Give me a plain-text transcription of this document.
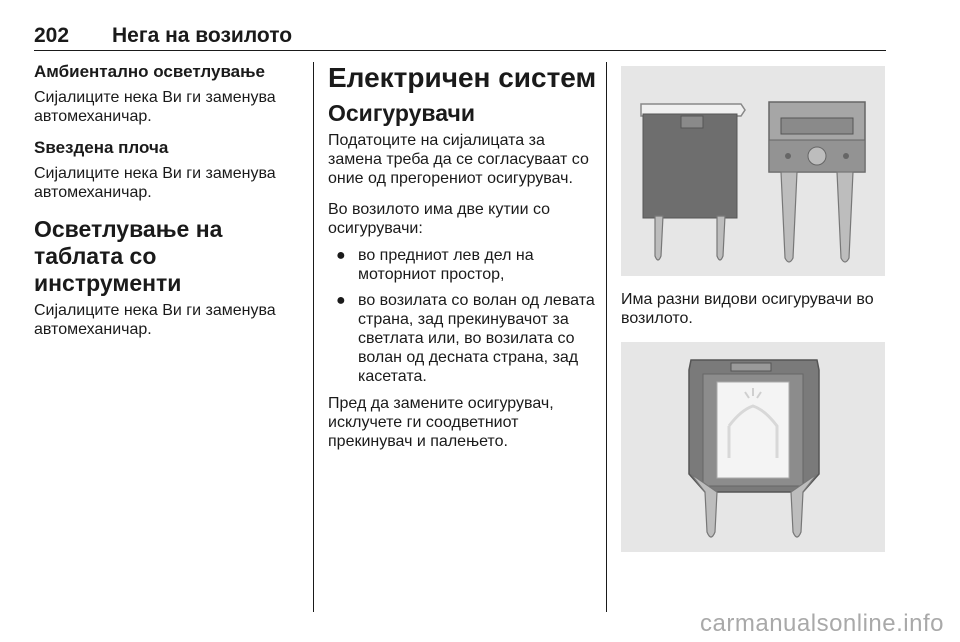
202 Нега на возилото
Амбиентално осветлување
Сијалиците нека Ви ги заменува автомеханичар.
Ѕвездена плоча
Сијалиците нека Ви ги заменува автомеханичар.
Осветлување на таблата со инструменти
Сијалиците нека Ви ги заменува автомеханичар.
Електричен систем
Осигурувачи
Податоците на сијалицата за замена треба да се согласуваат со оние од прегорениот осигурувач.
Во возилото има две кутии со осигурувачи:
● во предниот лев дел на моторниот простор,
● во возилата со волан од левата страна, зад прекинувачот за светлата или, во возилата со волан од десната страна, зад касетата.
Пред да замените осигурувач, исклучете ги соодветниот прекинувач и палењето.
Има разни видови осигурувачи во возилото.
carmanualsonline.info
